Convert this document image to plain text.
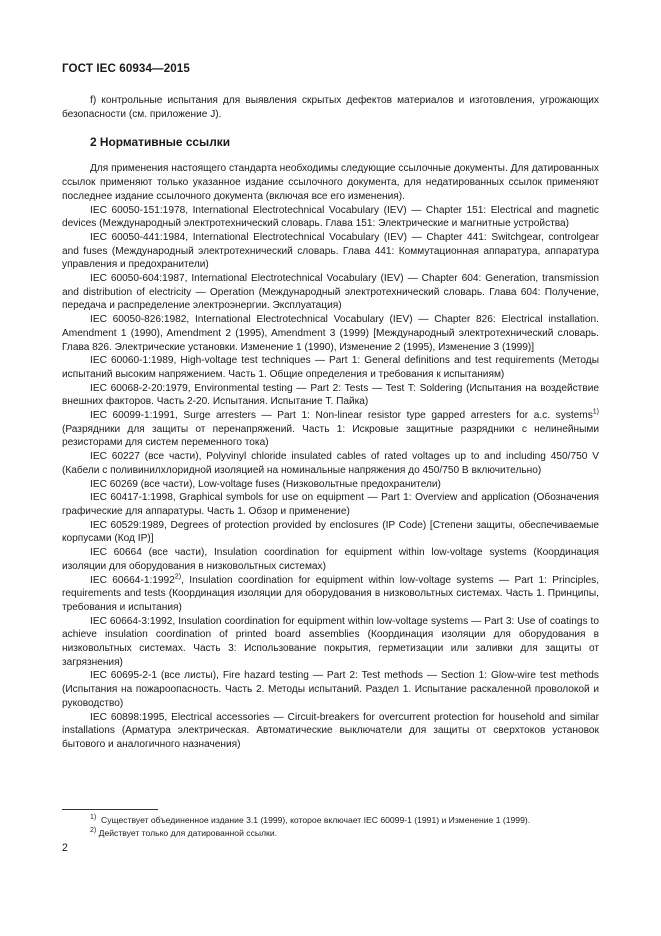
ГОСТ IEC 60934—2015

f) контрольные испытания для выявления скрытых дефектов материалов и изготовления, угрожающих безопасности (см. приложение J).

2 Нормативные ссылки

Для применения настоящего стандарта необходимы следующие ссылочные документы. Для датированных ссылок применяют только указанное издание ссылочного документа, для недатированных ссылок применяют последнее издание ссылочного документа (включая все его изменения).

IEC 60050-151:1978, International Electrotechnical Vocabulary (IEV) — Chapter 151: Electrical and magnetic devices (Международный электротехнический словарь. Глава 151: Электрические и магнитные устройства)

IEC 60050-441:1984, International Electrotechnical Vocabulary (IEV) — Chapter 441: Switchgear, controlgear and fuses (Международный электротехнический словарь. Глава 441: Коммутационная аппаратура, аппаратура управления и предохранители)

IEC 60050-604:1987, International Electrotechnical Vocabulary (IEV) — Chapter 604: Generation, transmission and distribution of electricity — Operation (Международный электротехнический словарь. Глава 604: Получение, передача и распределение электроэнергии. Эксплуатация)

IEC 60050-826:1982, International Electrotechnical Vocabulary (IEV) — Chapter 826: Electrical installation. Amendment 1 (1990), Amendment 2 (1995), Amendment 3 (1999) [Международный электротехнический словарь. Глава 826. Электрические установки. Изменение 1 (1990), Изменение 2 (1995), Изменение 3 (1999)]

IEC 60060-1:1989, High-voltage test techniques — Part 1: General definitions and test requirements (Методы испытаний высоким напряжением. Часть 1. Общие определения и требования к испытаниям)

IEC 60068-2-20:1979, Environmental testing — Part 2: Tests — Test T: Soldering (Испытания на воздействие внешних факторов. Часть 2-20. Испытания. Испытание Т. Пайка)

IEC 60099-1:1991, Surge arresters — Part 1: Non-linear resistor type gapped arresters for a.c. systems$^{1)}$ (Разрядники для защиты от перенапряжений. Часть 1: Искровые защитные разрядники с нелинейными резисторами для систем переменного тока)

IEC 60227 (все части), Polyvinyl chloride insulated cables of rated voltages up to and including 450/750 V (Кабели с поливинилхлоридной изоляцией на номинальные напряжения до 450/750 В включительно)

IEC 60269 (все части), Low-voltage fuses (Низковольтные предохранители)

IEC 60417-1:1998, Graphical symbols for use on equipment — Part 1: Overview and application (Обозначения графические для аппаратуры. Часть 1. Обзор и применение)

IEC 60529:1989, Degrees of protection provided by enclosures (IP Code) [Степени защиты, обеспечиваемые корпусами (Код IP)]

IEC 60664 (все части), Insulation coordination for equipment within low-voltage systems (Координация изоляции для оборудования в низковольтных системах)

IEC 60664-1:1992$^{2)}$, Insulation coordination for equipment within low-voltage systems — Part 1: Principles, requirements and tests (Координация изоляции для оборудования в низковольтных системах. Часть 1. Принципы, требования и испытания)

IEC 60664-3:1992, Insulation coordination for equipment within low-voltage systems — Part 3: Use of coatings to achieve insulation coordination of printed board assemblies (Координация изоляции для оборудования в низковольтных системах. Часть 3: Использование покрытия, герметизации или заливки для защиты от загрязнения)

IEC 60695-2-1 (все листы), Fire hazard testing — Part 2: Test methods — Section 1: Glow-wire test methods (Испытания на пожароопасность. Часть 2. Методы испытаний. Раздел 1. Испытание раскаленной проволокой и руководство)

IEC 60898:1995, Electrical accessories — Circuit-breakers for overcurrent protection for household and similar installations (Арматура электрическая. Автоматические выключатели для защиты от сверхтоков установок бытового и аналогичного назначения)

$^{1)}$ Существует объединенное издание 3.1 (1999), которое включает IEC 60099-1 (1991) и Изменение 1 (1999).
$^{2)}$ Действует только для датированной ссылки.
2
